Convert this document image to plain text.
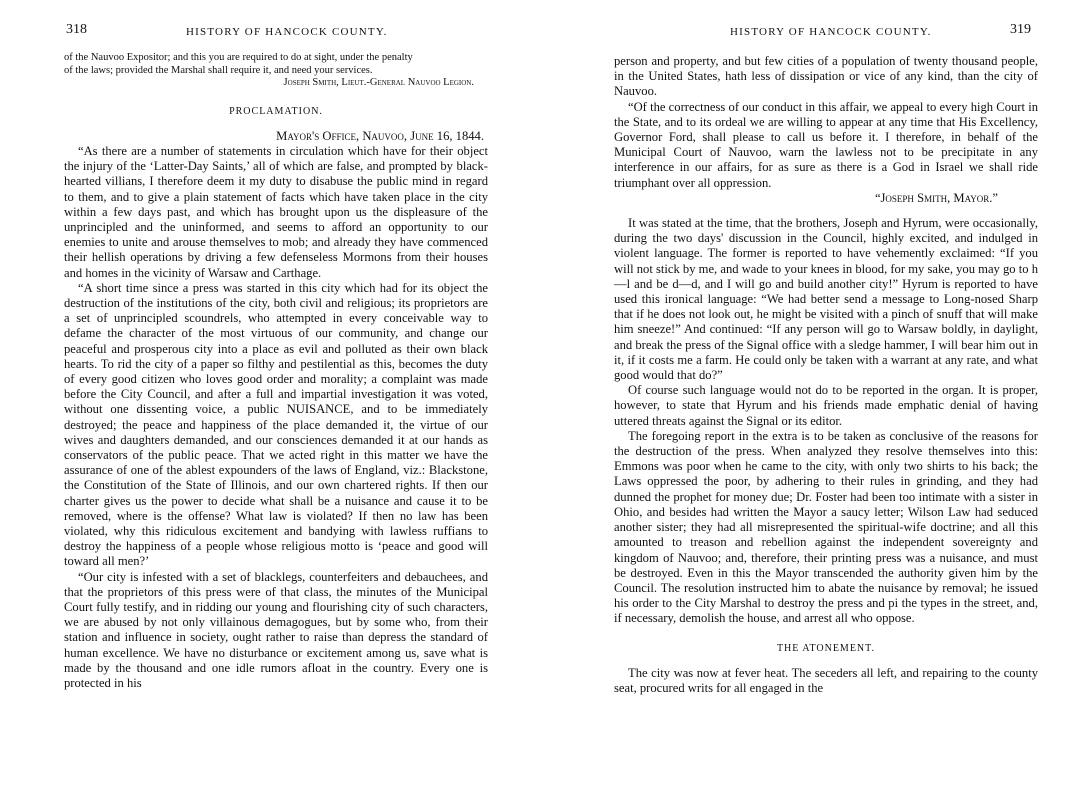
318	HISTORY OF HANCOCK COUNTY.
of the Nauvoo Expositor; and this you are required to do at sight, under the penalty
of the laws; provided the Marshal shall require it, and need your services.
Joseph Smith, Lieut.-General Nauvoo Legion.
PROCLAMATION.

Mayor's Office, Nauvoo, June 16, 1844.

“As there are a number of statements in circulation which have for their object the injury of the ‘Latter-Day Saints,’ all of which are false, and prompted by black-hearted villians, I therefore deem it my duty to disabuse the public mind in regard to them, and to give a plain statement of facts which have taken place in the city within a few days past, and which has brought upon us the displeasure of the unprincipled and the uninformed, and seems to afford an opportunity to our enemies to unite and arouse themselves to mob; and already they have commenced their hellish operations by driving a few defenseless Mormons from their houses and homes in the vicinity of Warsaw and Carthage.

“A short time since a press was started in this city which had for its object the destruction of the institutions of the city, both civil and religious; its proprietors are a set of unprincipled scoundrels, who attempted in every conceivable way to defame the character of the most virtuous of our community, and change our peaceful and prosperous city into a place as evil and polluted as their own black hearts. To rid the city of a paper so filthy and pestilential as this, becomes the duty of every good citizen who loves good order and morality; a complaint was made before the City Council, and after a full and impartial investigation it was voted, without one dissenting voice, a public NUISANCE, and to be immediately destroyed; the peace and happiness of the place demanded it, the virtue of our wives and daughters demanded, and our consciences demanded it at our hands as conservators of the public peace. That we acted right in this matter we have the assurance of one of the ablest expounders of the laws of England, viz.: Blackstone, the Constitution of the State of Illinois, and our own chartered rights. If then our charter gives us the power to decide what shall be a nuisance and cause it to be removed, where is the offense? What law is violated? If then no law has been violated, why this ridiculous excitement and bandying with lawless ruffians to destroy the happiness of a people whose religious motto is ‘peace and good will toward all men?’

“Our city is infested with a set of blacklegs, counterfeiters and debauchees, and that the proprietors of this press were of that class, the minutes of the Municipal Court fully testify, and in ridding our young and flourishing city of such characters, we are abused by not only villainous demagogues, but by some who, from their station and influence in society, ought rather to raise than depress the standard of human excellence. We have no disturbance or excitement among us, save what is made by the thousand and one idle rumors afloat in the country. Every one is protected in his

HISTORY OF HANCOCK COUNTY.	319

person and property, and but few cities of a population of twenty thousand people, in the United States, hath less of dissipation or vice of any kind, than the city of Nauvoo.

“Of the correctness of our conduct in this affair, we appeal to every high Court in the State, and to its ordeal we are willing to appear at any time that His Excellency, Governor Ford, shall please to call us before it. I therefore, in behalf of the Municipal Court of Nauvoo, warn the lawless not to be precipitate in any interference in our affairs, for as sure as there is a God in Israel we shall ride triumphant over all oppression.

“Joseph Smith, Mayor.”

It was stated at the time, that the brothers, Joseph and Hyrum, were occasionally, during the two days' discussion in the Council, highly excited, and indulged in violent language. The former is reported to have vehemently exclaimed: “If you will not stick by me, and wade to your knees in blood, for my sake, you may go to h—l and be d—d, and I will go and build another city!” Hyrum is reported to have used this ironical language: “We had better send a message to Long-nosed Sharp that if he does not look out, he might be visited with a pinch of snuff that will make him sneeze!” And continued: “If any person will go to Warsaw boldly, in daylight, and break the press of the Signal office with a sledge hammer, I will bear him out in it, if it costs me a farm. He could only be taken with a warrant at any rate, and what good would that do?”

Of course such language would not do to be reported in the organ. It is proper, however, to state that Hyrum and his friends made emphatic denial of having uttered threats against the Signal or its editor.

The foregoing report in the extra is to be taken as conclusive of the reasons for the destruction of the press. When analyzed they resolve themselves into this: Emmons was poor when he came to the city, with only two shirts to his back; the Laws oppressed the poor, by adhering to their rules in grinding, and they had dunned the prophet for money due; Dr. Foster had been too intimate with a sister in Ohio, and besides had written the Mayor a saucy letter; Wilson Law had seduced another sister; they had all misrepresented the spiritual-wife doctrine; and all this amounted to treason and rebellion against the independent sovereignty and kingdom of Nauvoo; and, therefore, their printing press was a nuisance, and must be destroyed. Even in this the Mayor transcended the authority given him by the Council. The resolution instructed him to abate the nuisance by removal; he issued his order to the City Marshal to destroy the press and pi the types in the street, and, if necessary, demolish the house, and arrest all who oppose.

THE ATONEMENT.

The city was now at fever heat. The seceders all left, and repairing to the county seat, procured writs for all engaged in the
